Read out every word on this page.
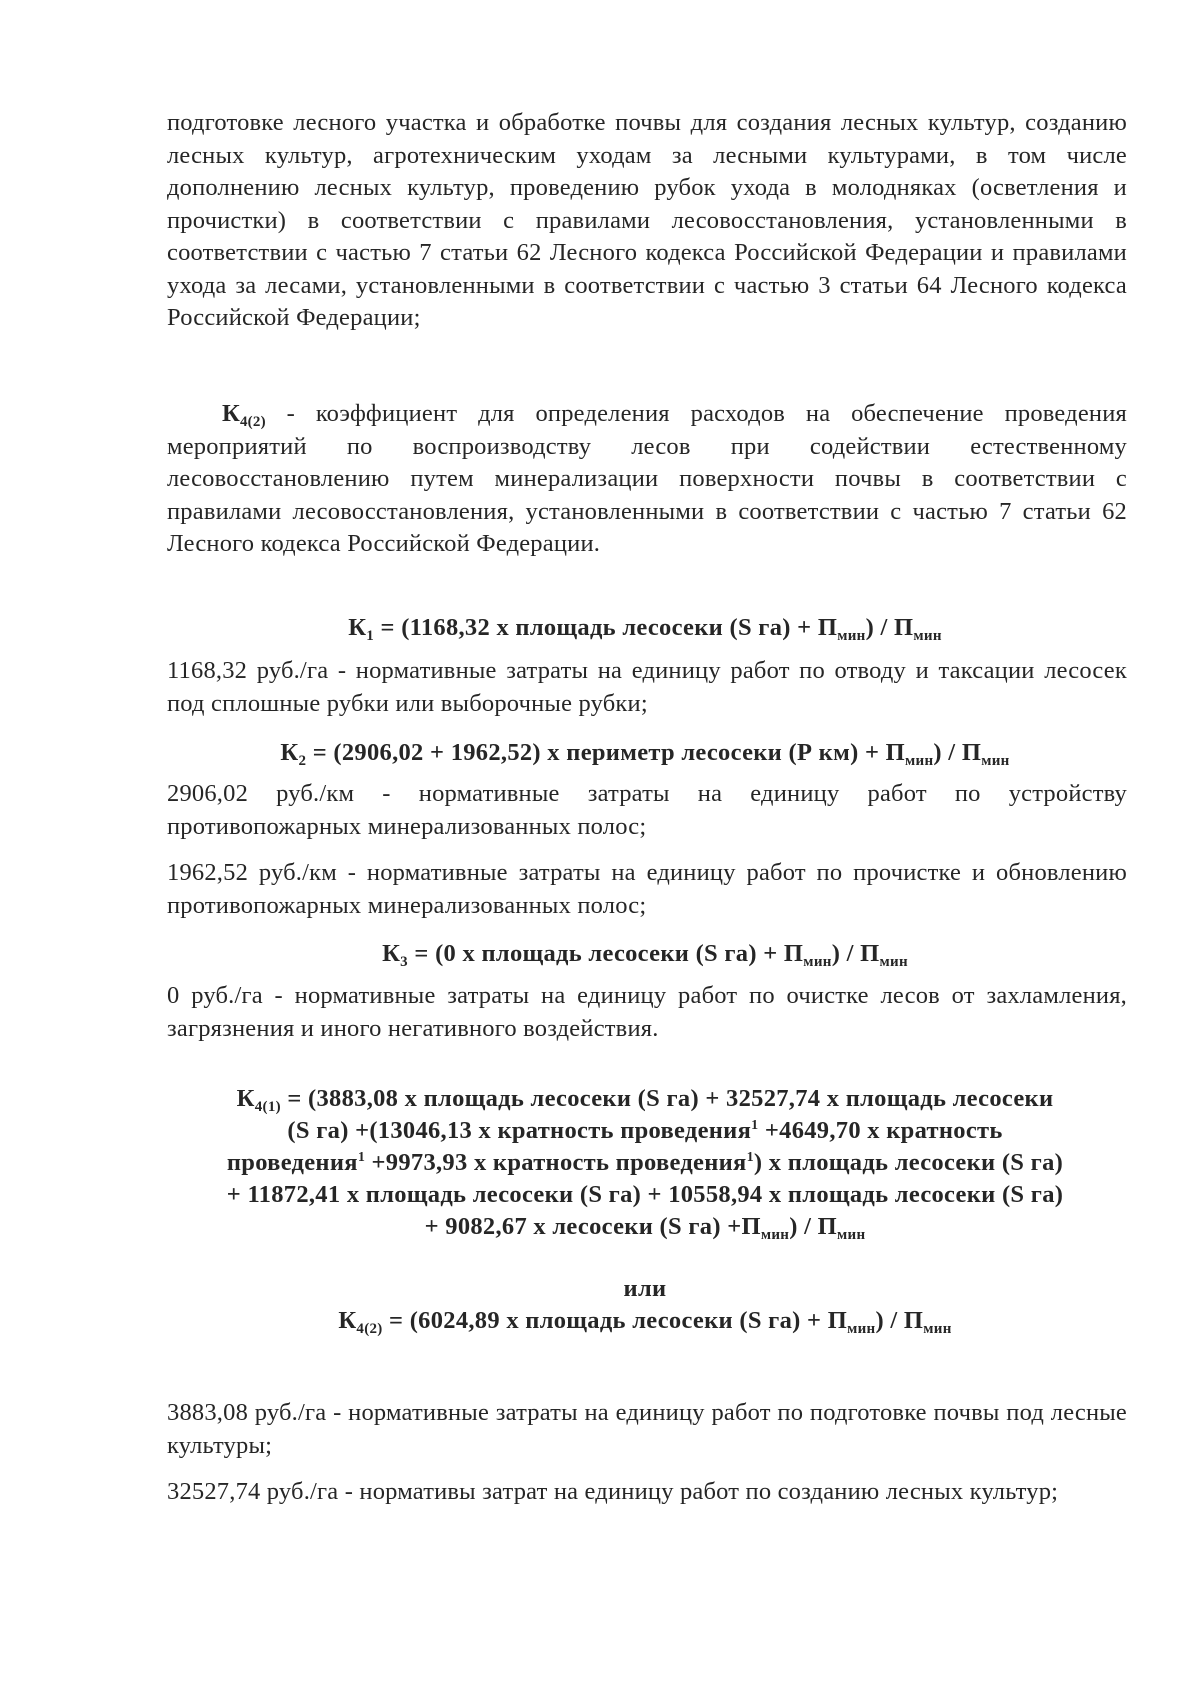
подготовке лесного участка и обработке почвы для создания лесных культур, созданию лесных культур, агротехническим уходам за лесными культурами, в том числе дополнению лесных культур, проведению рубок ухода в молодняках (осветления и прочистки) в соответствии с правилами лесовосстановления, установленными в соответствии с частью 7 статьи 62 Лесного кодекса Российской Федерации и правилами ухода за лесами, установленными в соответствии с частью 3 статьи 64 Лесного кодекса Российской Федерации;

$К_{4(2)}$ - коэффициент для определения расходов на обеспечение проведения мероприятий по воспроизводству лесов при содействии естественному лесовосстановлению путем минерализации поверхности почвы в соответствии с правилами лесовосстановления, установленными в соответствии с частью 7 статьи 62 Лесного кодекса Российской Федерации.

$К_1 = (1168,32$ х площадь лесосеки (S $га) + П_{мин}) / П_{мин}$

1168,32 руб./га - нормативные затраты на единицу работ по отводу и таксации лесосек под сплошные рубки или выборочные рубки;

$К_2 = (2906,02 + 1962,52)$ х периметр лесосеки (Р $км) + П_{мин}) / П_{мин}$

2906,02 руб./км - нормативные затраты на единицу работ по устройству противопожарных минерализованных полос;

1962,52 руб./км - нормативные затраты на единицу работ по прочистке и обновлению противопожарных минерализованных полос;

$К_3 = (0$ х площадь лесосеки (S $га) + П_{мин}) / П_{мин}$

0 руб./га - нормативные затраты на единицу работ по очистке лесов от захламления, загрязнения и иного негативного воздействия.

$К_{4(1)} = (3883,08$ х площадь лесосеки (S га) + 32527,74 х площадь лесосеки
(S га) +(13046,13 х кратность проведения$^1$ +4649,70 х кратность
проведения$^1$ +9973,93 х кратность проведения$^1$) х площадь лесосеки (S га)
+ 11872,41 х площадь лесосеки (S га) + 10558,94 х площадь лесосеки (S га)
+ 9082,67 х лесосеки (S $га) +П_{мин}) / П_{мин}$

или

$К_{4(2)} = (6024,89$ х площадь лесосеки (S $га) + П_{мин}) / П_{мин}$

3883,08 руб./га - нормативные затраты на единицу работ по подготовке почвы под лесные культуры;

32527,74 руб./га - нормативы затрат на единицу работ по созданию лесных культур;
